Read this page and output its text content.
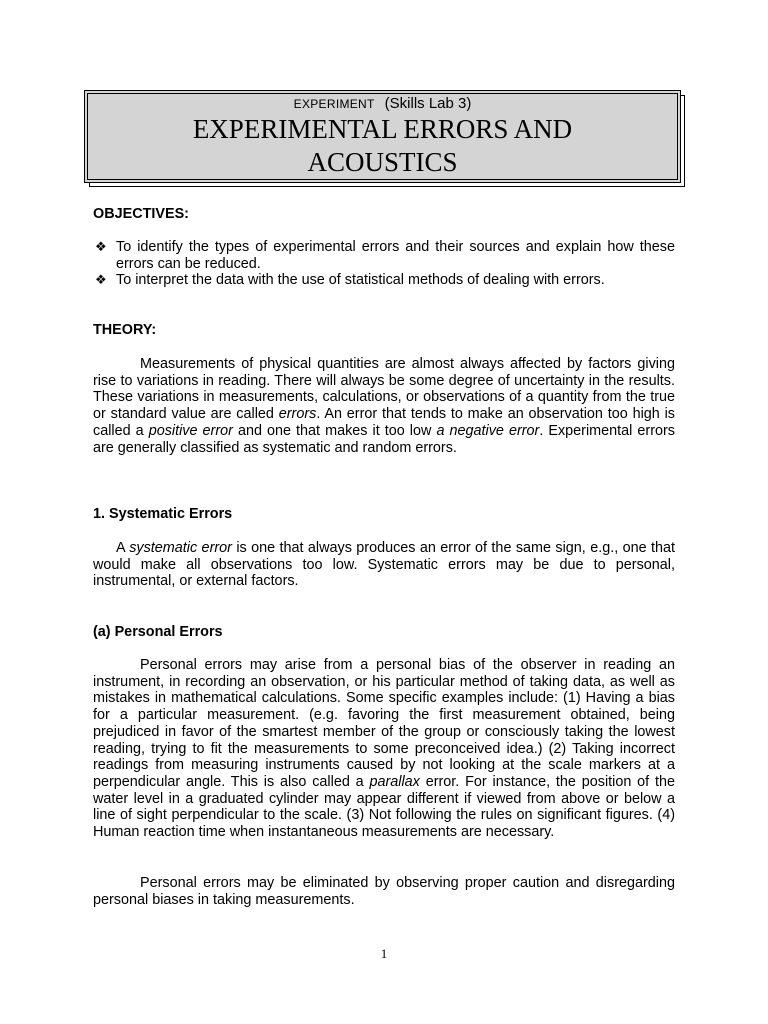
EXPERIMENT (Skills Lab 3)
EXPERIMENTAL ERRORS AND
ACOUSTICS
OBJECTIVES:
❖ To identify the types of experimental errors and their sources and explain how these errors can be reduced.
❖ To interpret the data with the use of statistical methods of dealing with errors.
THEORY:
Measurements of physical quantities are almost always affected by factors giving rise to variations in reading. There will always be some degree of uncertainty in the results. These variations in measurements, calculations, or observations of a quantity from the true or standard value are called errors. An error that tends to make an observation too high is called a positive error and one that makes it too low a negative error. Experimental errors are generally classified as systematic and random errors.
1. Systematic Errors
A systematic error is one that always produces an error of the same sign, e.g., one that would make all observations too low. Systematic errors may be due to personal, instrumental, or external factors.
(a) Personal Errors
Personal errors may arise from a personal bias of the observer in reading an instrument, in recording an observation, or his particular method of taking data, as well as mistakes in mathematical calculations. Some specific examples include: (1) Having a bias for a particular measurement. (e.g. favoring the first measurement obtained, being prejudiced in favor of the smartest member of the group or consciously taking the lowest reading, trying to fit the measurements to some preconceived idea.) (2) Taking incorrect readings from measuring instruments caused by not looking at the scale markers at a perpendicular angle. This is also called a parallax error. For instance, the position of the water level in a graduated cylinder may appear different if viewed from above or below a line of sight perpendicular to the scale. (3) Not following the rules on significant figures. (4) Human reaction time when instantaneous measurements are necessary.
Personal errors may be eliminated by observing proper caution and disregarding personal biases in taking measurements.
1
